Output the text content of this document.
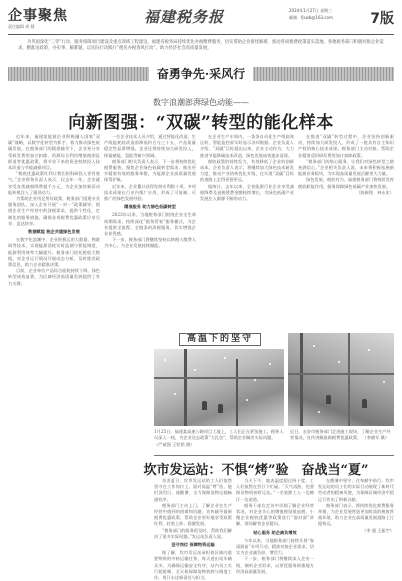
企事聚焦
责任编辑 周 圆
福建税务报	2024年1月27日 星期三
邮箱：fjswb@163.com	7版
为巩固深化“三零”行动，服务保障项目建设及重点领域工程建设，福建省税务局持续优化办税缴费服务，切实帮助企业排忧解难，推动各项税费政策落实落地。各地税务部门积极对接企业需求，精准送政策、办实事、解难题，以实际行动践行“便民办税春风行动”，助力经济社会高质量发展。
奋勇争先·采风行
数字浪潮澎湃绿色动能——
向新图强：“双碳”转型的能化样本

近年来，福建某能源企业积极融入国家“双碳”战略，以数字化转型为抓手，着力推动绿色低碳发展。在税务部门的精准辅导下，企业充分享受研发费用加计扣除、资源综合利用增值税即征即退等优惠政策，将节省下来的资金持续投入技术改造与节能减排项目。

“税收优惠政策红利让我们的科研投入更有底气。”企业财务负责人表示，仅去年一年，企业就享受各类减税降费超千万元，为企业加快新旧动能转换注入了强劲动力。

为帮助企业用足用好政策，税务部门组建专业服务团队，深入企业开展“一对一”政策辅导，围绕企业生产经营中的涉税需求，提供个性化、定制化的服务措施，确保各项税费优惠政策应享尽享、直达快享。

数据赋能 税企共建绿色发展

在数字化浪潮中，企业积极运用大数据、物联网等技术，实现能源消耗实时监测与智能调度，能源利用效率大幅提升。税务部门依托税收大数据，对企业运行情况开展动态分析，及时推送政策信息，助力企业精准决策。

目前，企业单位产品综合能耗持续下降，绿色转型成效显著，为区域经济高质量发展提供了有力支撑。

一位企业技术人员介绍，通过智能化改造，生产线能耗较改造前降低约百分之十五，产品质量稳定性显著增强。企业还将持续加大研发投入，探索储能、氢能等新兴领域。

税务部门相关负责人表示，下一步将持续优化税费服务，聚焦企业绿色低碳转型需求，推出更多精准有效的服务举措，为能源企业高质量发展保驾护航。

近年来，企业累计获得发明专利数十项，多项技术成果在行业内推广应用，形成了可复制、可推广的绿色发展经验。

精准服务 助力绿色低碳转型

2023年以来，当地税务部门围绕企业全生命周期需求，持续深化“税务管家”服务模式，为企业提供全流程、全链条的涉税服务，切实增强企业获得感。

下一步，税务部门将继续坚持以纳税人缴费人为中心，为企业发展持续赋能。

在企业生产车间内，一条条自动化生产线高效运转，智能监控屏实时显示各项数据。企业负责人介绍，“双碳”目标提出以来，企业主动作为，大力推进节能降碳技术改造，绿色发展成效逐步显现。

税收政策的持续发力，有效降低了企业的创新成本。企业负责人表示，将继续加大绿色技术研发力度，推动产业结构优化升级，在实现“双碳”目标的道路上走得更稳更远。

据统计，去年以来，全省能源行业企业享受减税降费及退税缓费金额持续增长，为绿色低碳产业发展注入源源不断的动力。

在推进“双碳”转型过程中，企业坚持创新驱动，持续加大研发投入，形成了一批具有自主知识产权的核心技术成果。税务部门主动对接，帮助企业精准适用研发费用加计扣除政策。

“税务部门的贴心服务，让我们对绿色转型之路充满信心。”企业相关负责人说，未来将积极拓展新能源业务板块，为实现高质量发展贡献更大力量。

绿色发展，税收有为。福建税务部门将持续发挥税收职能作用，服务保障绿色低碳产业加快发展。

（陈新铭　林永宏）

高温下的坚守
1月25日，福建某高速公路项目工地上，工人们正在紧张施工。税务人员深入一线，为企业送去政策“大礼包”，帮助企业解决实际问题。 （严斌强 王钦铭 摄）
近日，永安市税务部门走进施工现场，了解企业生产经营情况，宣传讲解最新税费优惠政策。 （李晓军 摄）
坎市发运站：不惧“烤”验　奋战当“夏”

炎炎夏日，坎市发运站的工人们依然坚守在工作岗位上。面对高温“烤”验，他们顶烈日、战酷暑，全力保障货物运输畅通有序。

税务部门主动上门，了解企业在生产经营中遇到的困难和问题，宣传辅导最新税费优惠政策，帮助企业更好地享受政策红利，轻装上阵、稳健发展。

“税务部门的服务很及时，帮助我们解决了很多实际问题。”发运站负责人说。

坚守岗位 保障物资运输

据了解，坎市发运站承担着区域内重要物资的中转运输任务，每天进出站车辆众多。为确保运输安全有序，站内员工实行轮班制，全天候保障货物装卸与调度工作，用汗水诠释责任与担当。

当天下午，地表温度超过四十度，工人们依然在烈日下忙碌。“天气再热，也要保证物资按时运达。”一名装卸工人一边擦汗一边说道。

税务干部在走访中详细了解企业经营状况，对企业关心的增值税留抵退税、小微企业税收优惠等政策进行“面对面”讲解，现场解答企业疑问。

贴心服务 助企减负增效

今年以来，当地税务部门持续开展“春雨润苗”专项行动，精准对接企业需求，切实为企业减负担、增活力。

下一步，税务部门将继续深入企业一线，倾听企业诉求，以更优服务助推地方经济高质量发展。

在酷暑中坚守，在奉献中前行。坎市发运站的员工们用实际行动展现了新时代劳动者的精神风貌，为保障区域经济平稳运行作出了积极贡献。

税务部门表示，将持续优化税费服务举措，为企业发展营造更加优质的税收营商环境，助力企业在高质量发展道路上行稳致远。

（李 通 王振宇）
